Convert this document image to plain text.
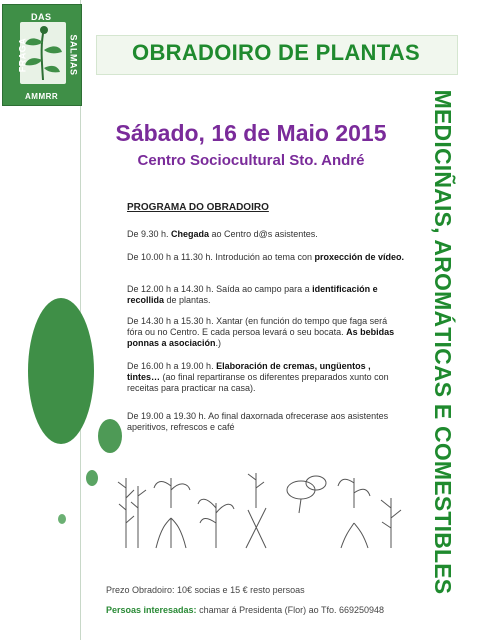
DAS
FRAGA	SALMAS
AMMRR
OBRADOIRO DE PLANTAS
MEDICIÑAIS, AROMÁTICAS E COMESTIBLES
Sábado, 16 de Maio 2015
Centro Sociocultural Sto. André
PROGRAMA DO OBRADOIRO
De 9.30 h. Chegada ao Centro d@s asistentes.
De 10.00 h a 11.30 h. Introdución ao tema con proxección de vídeo.
De 12.00 h a 14.30 h. Saída ao campo para a identificación e recollida de plantas.
De 14.30 h a 15.30 h. Xantar (en función do tempo que faga será fóra ou no Centro. E cada persoa levará o seu bocata. As bebidas ponnas a asociación.)
De 16.00 h a 19.00 h. Elaboración de cremas, ungüentos , tintes… (ao final repartiranse os diferentes preparados xunto con receitas para practicar na casa).
De 19.00 a 19.30 h. Ao final daxornada ofrecerase aos asistentes aperitivos, refrescos e café
Prezo Obradoiro: 10€ socias e 15 € resto persoas
Persoas interesadas: chamar á Presidenta (Flor) ao Tfo. 669250948
